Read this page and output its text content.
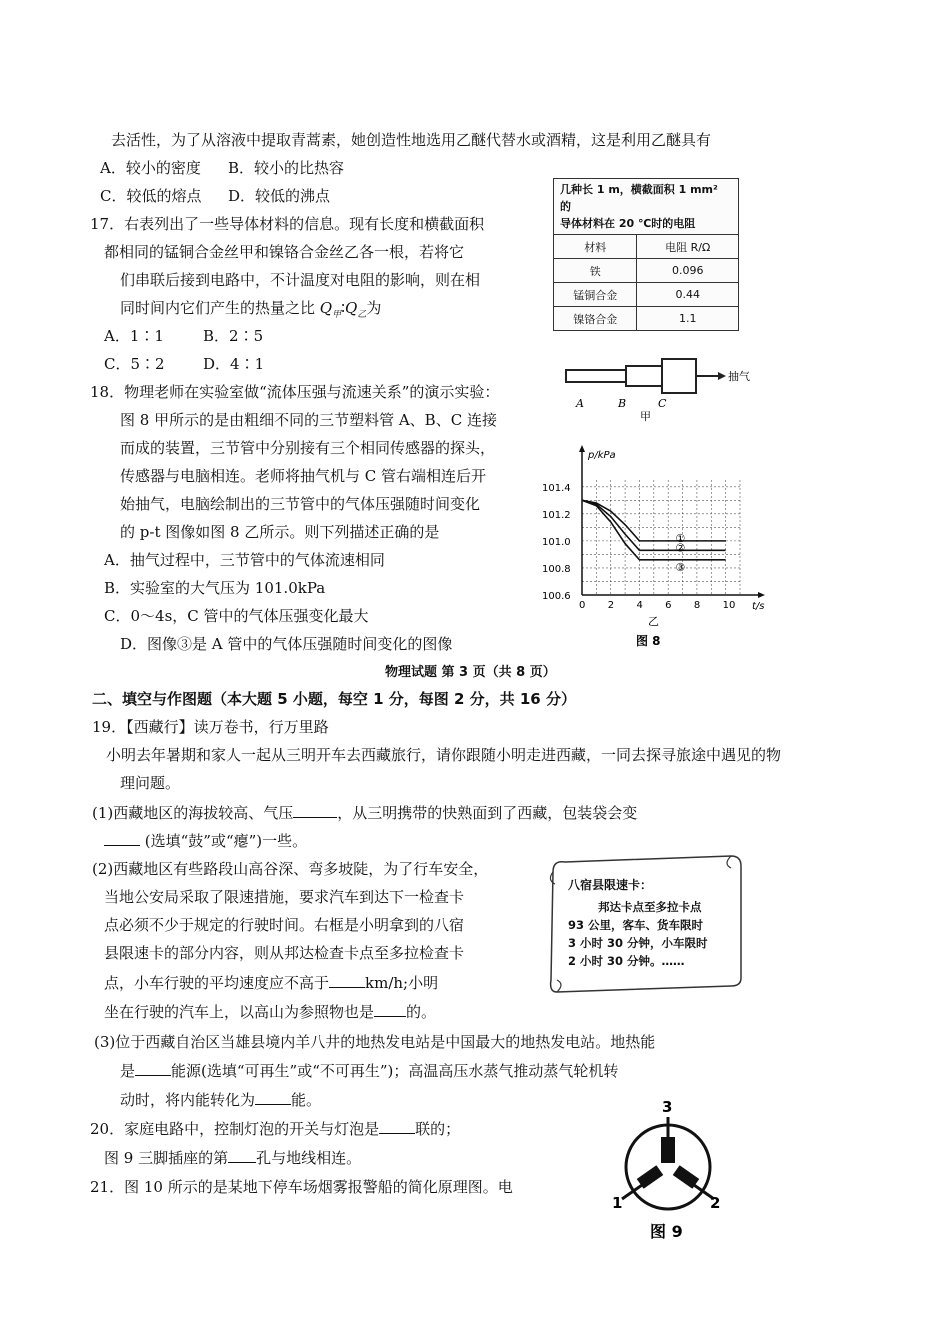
去活性，为了从溶液中提取青蒿素，她创造性地选用乙醚代替水或酒精，这是利用乙醚具有
A．较小的密度 B．较小的比热容
C．较低的熔点 D．较低的沸点
17．右表列出了一些导体材料的信息。现有长度和横截面积
都相同的锰铜合金丝甲和镍铬合金丝乙各一根，若将它
们串联后接到电路中，不计温度对电阻的影响，则在相
同时间内它们产生的热量之比 $Q_甲∶Q_乙$为
A．1∶1	B．2∶5
C．5∶2	D．4∶1
几种长 1 m，横截面积 1 mm² 的
导体材料在 20 ℃时的电阻	

材料	电阻 R/Ω
铁	0.096
锰铜合金	0.44
镍铬合金	1.1
18．物理老师在实验室做“流体压强与流速关系”的演示实验：
图 8 甲所示的是由粗细不同的三节塑料管 A、B、C 连接
而成的装置，三节管中分别接有三个相同传感器的探头，
传感器与电脑相连。老师将抽气机与 C 管右端相连后开
始抽气，电脑绘制出的三节管中的气体压强随时间变化
的 p-t 图像如图 8 乙所示。则下列描述正确的是
A．抽气过程中，三节管中的气体流速相同
B．实验室的大气压为 101.0kPa
C．0～4s，C 管中的气体压强变化最大
D．图像③是 A 管中的气体压强随时间变化的图像
抽气
A	B	C
甲
0 2 4 6 8 10
100.6
100.8
101.0
101.2
101.4
①
②
③
p/kPa
t/s
乙
图 8
物理试题 第 3 页（共 8 页）
二、填空与作图题（本大题 5 小题，每空 1 分，每图 2 分，共 16 分）
19．【西藏行】读万卷书，行万里路
小明去年暑期和家人一起从三明开车去西藏旅行，请你跟随小明走进西藏，一同去探寻旅途中遇见的物
理问题。
(1)西藏地区的海拔较高、气压	，从三明携带的快熟面到了西藏，包装袋会变
(选填“鼓”或“瘪”)一些。
(2)西藏地区有些路段山高谷深、弯多坡陡，为了行车安全，
当地公安局采取了限速措施，要求汽车到达下一检查卡
点必须不少于规定的行驶时间。右框是小明拿到的八宿
县限速卡的部分内容，则从邦达检查卡点至多拉检查卡
点，小车行驶的平均速度应不高于 km/h;小明
坐在行驶的汽车上，以高山为参照物也是 的。
(3)位于西藏自治区当雄县境内羊八井的地热发电站是中国最大的地热发电站。地热能
是 能源(选填“可再生”或“不可再生”)；高温高压水蒸气推动蒸气轮机转
动时，将内能转化为 能。
八宿县限速卡：
邦达卡点至多拉卡点
93 公里，客车、货车限时
3 小时 30 分钟，小车限时
2 小时 30 分钟。……
20．家庭电路中，控制灯泡的开关与灯泡是 联的；
图 9 三脚插座的第 孔与地线相连。
3
1	2
图 9
21．图 10 所示的是某地下停车场烟雾报警船的简化原理图。电
